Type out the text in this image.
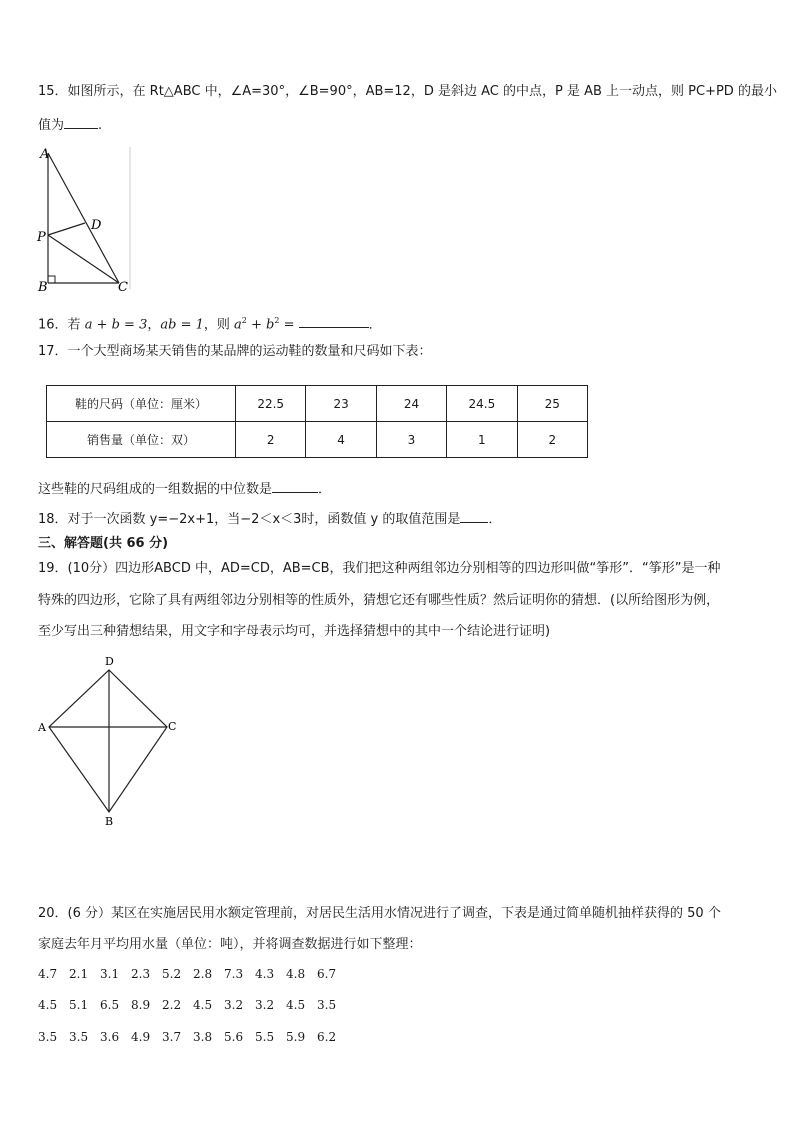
15．如图所示，在 Rt△ABC 中，∠A=30°，∠B=90°，AB=12，D 是斜边 AC 的中点，P 是 AB 上一动点，则 PC+PD 的最小
值为	.
A
D
P
B	C
16．若 a + b = 3，ab = 1，则 $a^2 + b^2$ =	．
17．一个大型商场某天销售的某品牌的运动鞋的数量和尺码如下表：
鞋的尺码（单位：厘米）	22.5	23	24	24.5	25
销售量（单位：双）	2	4	3	1	2
这些鞋的尺码组成的一组数据的中位数是	．
18．对于一次函数 y=−2x+1，当−2＜x＜3时，函数值 y 的取值范围是 ．
三、解答题(共 66 分)
19．(10分）四边形ABCD 中，AD=CD，AB=CB，我们把这种两组邻边分别相等的四边形叫做“筝形”．“筝形”是一种
特殊的四边形，它除了具有两组邻边分别相等的性质外，猜想它还有哪些性质？然后证明你的猜想．(以所给图形为例，
至少写出三种猜想结果，用文字和字母表示均可，并选择猜想中的其中一个结论进行证明)
D
A	C
B
20．(6 分）某区在实施居民用水额定管理前，对居民生活用水情况进行了调查，下表是通过简单随机抽样获得的 50 个
家庭去年月平均用水量（单位：吨），并将调查数据进行如下整理：
4.7 2.1 3.1 2.3 5.2 2.8 7.3 4.3 4.8 6.7
4.5 5.1 6.5 8.9 2.2 4.5 3.2 3.2 4.5 3.5
3.5 3.5 3.6 4.9 3.7 3.8 5.6 5.5 5.9 6.2
